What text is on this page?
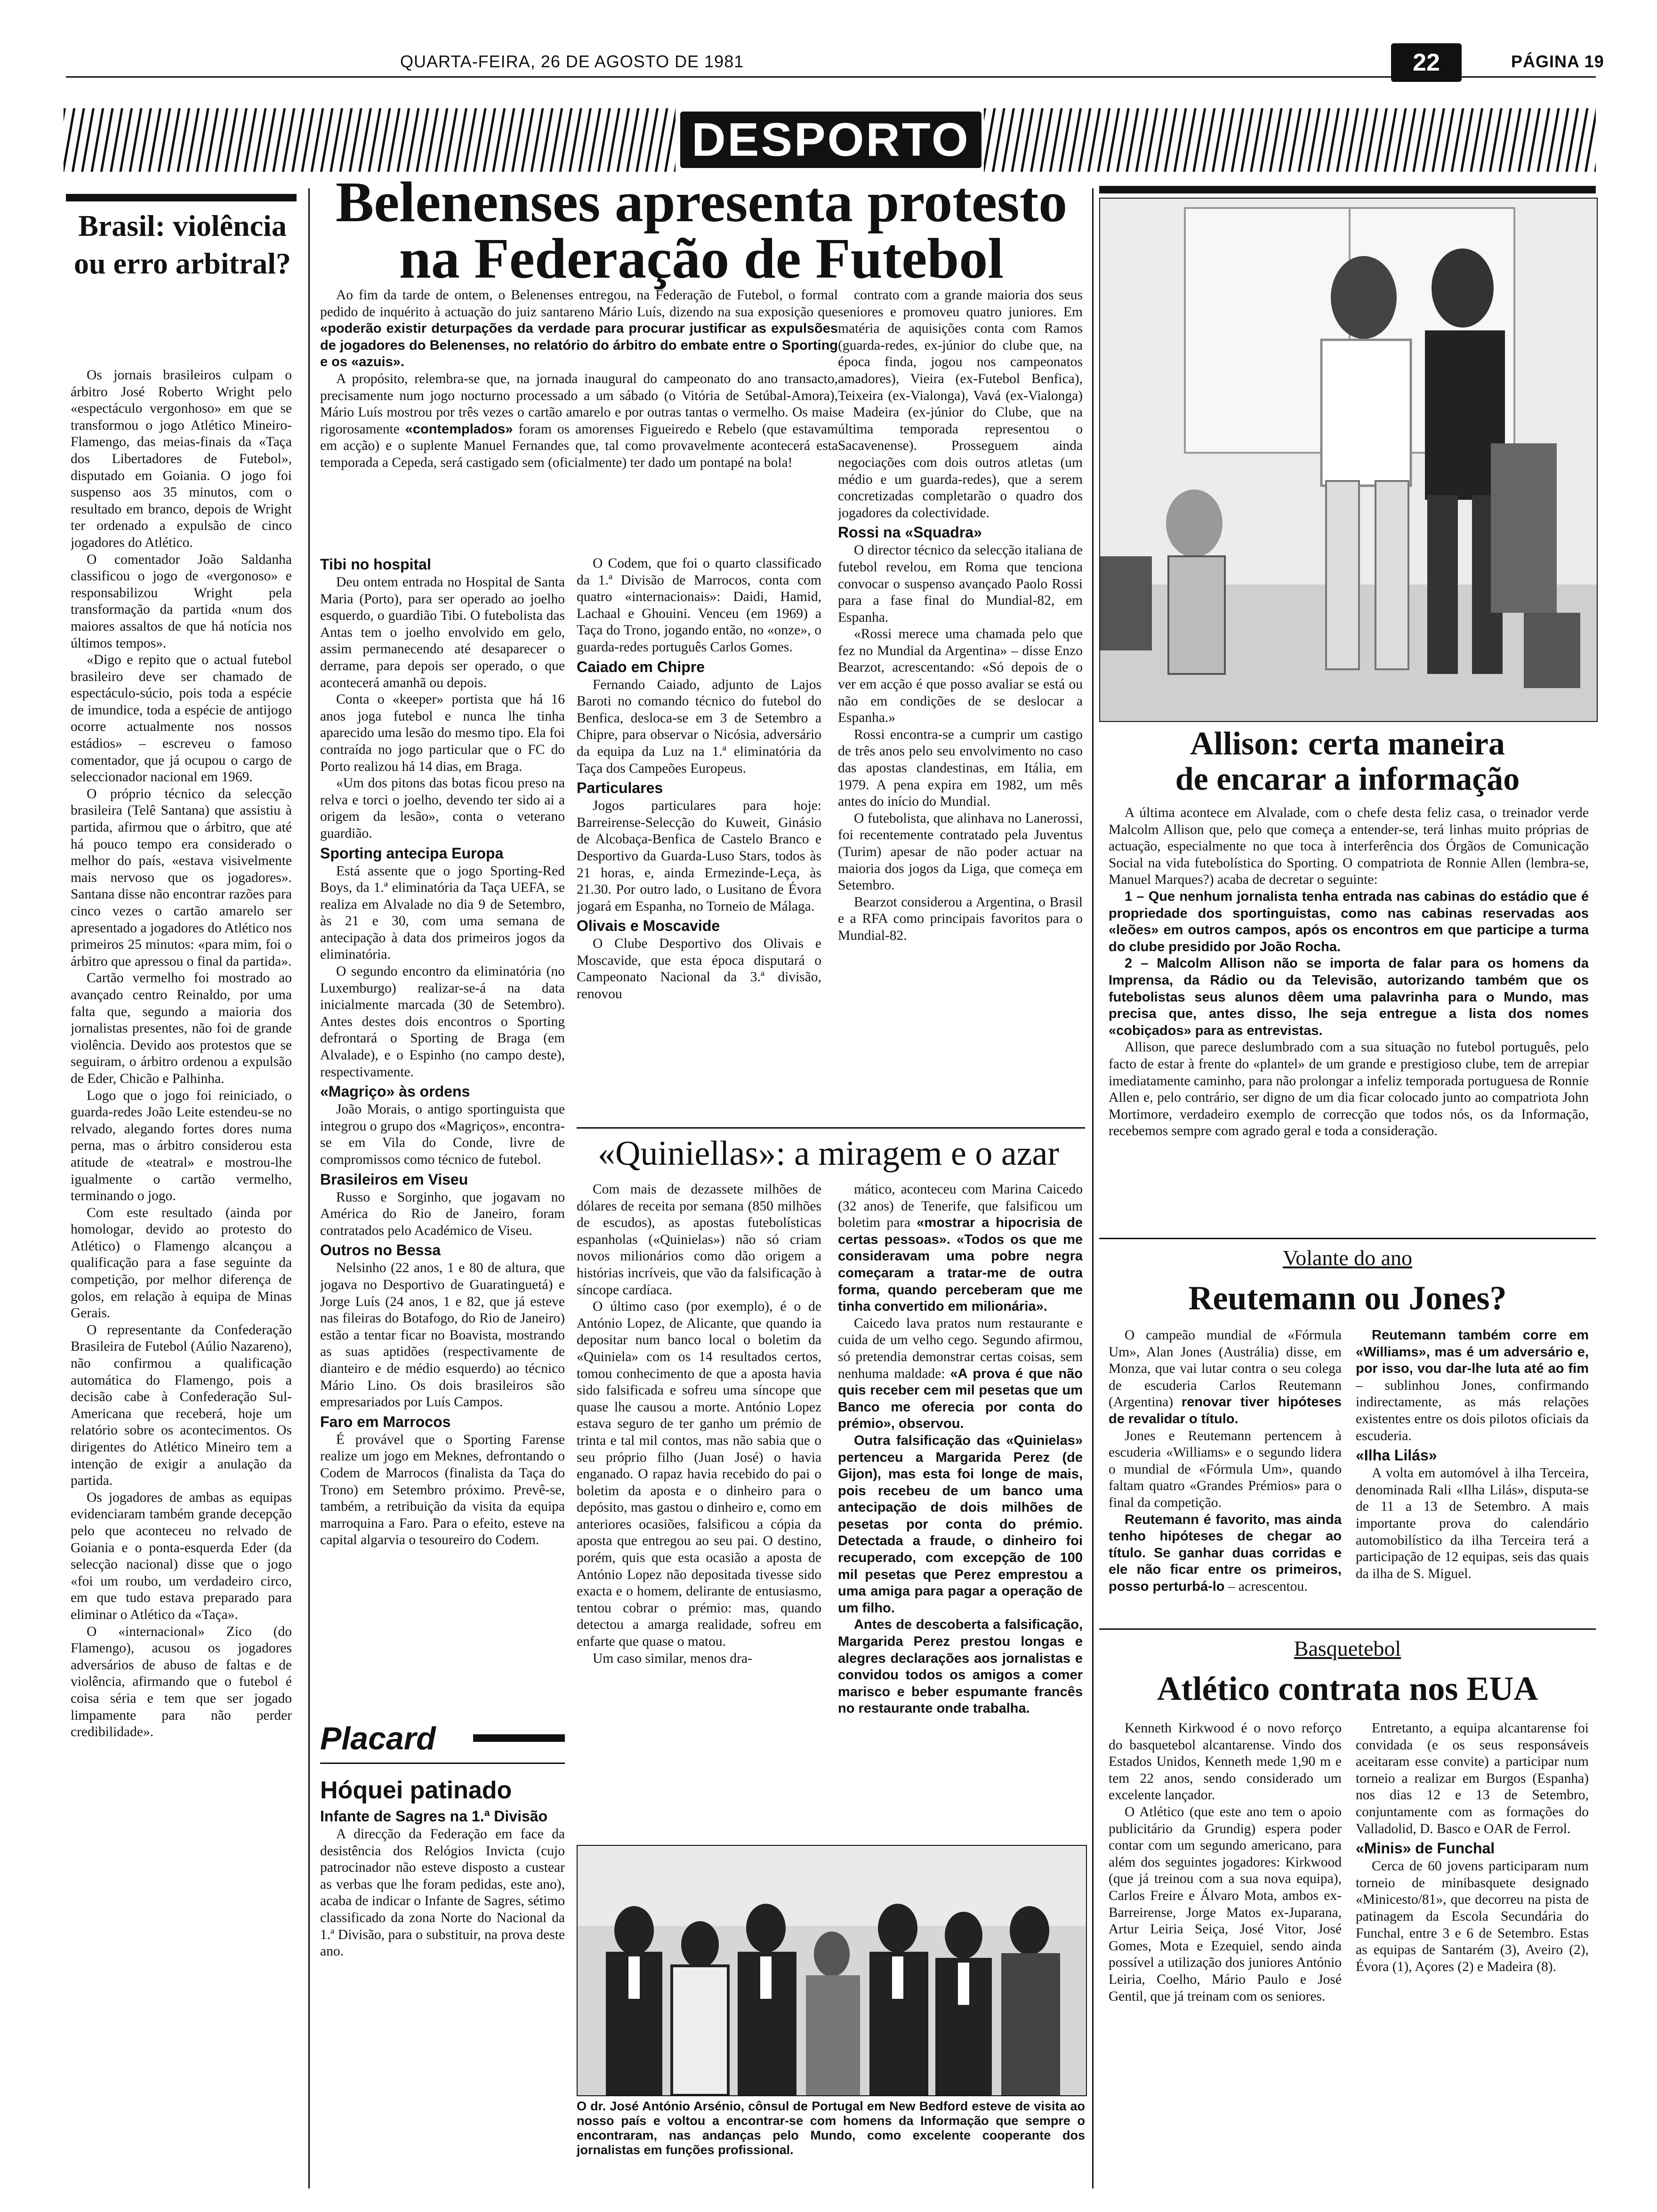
QUARTA-FEIRA, 26 DE AGOSTO DE 1981	22	PÁGINA 19
DESPORTO
Brasil: violência ou erro arbitral?

Os jornais brasileiros culpam o árbitro José Roberto Wright pelo «espectáculo vergonhoso» em que se transformou o jogo Atlético Mineiro-Flamengo, das meias-finais da «Taça dos Libertadores de Futebol», disputado em Goiania. O jogo foi suspenso aos 35 minutos, com o resultado em branco, depois de Wright ter ordenado a expulsão de cinco jogadores do Atlético.

O comentador João Saldanha classificou o jogo de «vergonoso» e responsabilizou Wright pela transformação da partida «num dos maiores assaltos de que há notícia nos últimos tempos».

«Digo e repito que o actual futebol brasileiro deve ser chamado de espectáculo-súcio, pois toda a espécie de imundice, toda a espécie de antijogo ocorre actualmente nos nossos estádios» – escreveu o famoso comentador, que já ocupou o cargo de seleccionador nacional em 1969.

O próprio técnico da selecção brasileira (Telê Santana) que assistiu à partida, afirmou que o árbitro, que até há pouco tempo era considerado o melhor do país, «estava visivelmente mais nervoso que os jogadores». Santana disse não encontrar razões para cinco vezes o cartão amarelo ser apresentado a jogadores do Atlético nos primeiros 25 minutos: «para mim, foi o árbitro que apressou o final da partida».

Cartão vermelho foi mostrado ao avançado centro Reinaldo, por uma falta que, segundo a maioria dos jornalistas presentes, não foi de grande violência. Devido aos protestos que se seguiram, o árbitro ordenou a expulsão de Eder, Chicão e Palhinha.

Logo que o jogo foi reiniciado, o guarda-redes João Leite estendeu-se no relvado, alegando fortes dores numa perna, mas o árbitro considerou esta atitude de «teatral» e mostrou-lhe igualmente o cartão vermelho, terminando o jogo.

Com este resultado (ainda por homologar, devido ao protesto do Atlético) o Flamengo alcançou a qualificação para a fase seguinte da competição, por melhor diferença de golos, em relação à equipa de Minas Gerais.

O representante da Confederação Brasileira de Futebol (Aúlio Nazareno), não confirmou a qualificação automática do Flamengo, pois a decisão cabe à Confederação Sul-Americana que receberá, hoje um relatório sobre os acontecimentos. Os dirigentes do Atlético Mineiro tem a intenção de exigir a anulação da partida.

Os jogadores de ambas as equipas evidenciaram também grande decepção pelo que aconteceu no relvado de Goiania e o ponta-esquerda Eder (da selecção nacional) disse que o jogo «foi um roubo, um verdadeiro circo, em que tudo estava preparado para eliminar o Atlético da «Taça».

O «internacional» Zico (do Flamengo), acusou os jogadores adversários de abuso de faltas e de violência, afirmando que o futebol é coisa séria e tem que ser jogado limpamente para não perder credibilidade».

Belenenses apresenta protesto
na Federação de Futebol

Ao fim da tarde de ontem, o Belenenses entregou, na Federação de Futebol, o formal pedido de inquérito à actuação do juiz santareno Mário Luís, dizendo na sua exposição que «poderão existir deturpações da verdade para procurar justificar as expulsões de jogadores do Belenenses, no relatório do árbitro do embate entre o Sporting e os «azuis».

A propósito, relembra-se que, na jornada inaugural do campeonato do ano transacto, precisamente num jogo nocturno processado a um sábado (o Vitória de Setúbal-Amora), Mário Luís mostrou por três vezes o cartão amarelo e por outras tantas o vermelho. Os mais rigorosamente «contemplados» foram os amorenses Figueiredo e Rebelo (que estavam em acção) e o suplente Manuel Fernandes que, tal como provavelmente acontecerá esta temporada a Cepeda, será castigado sem (oficialmente) ter dado um pontapé na bola!

Tibi no hospital

Deu ontem entrada no Hospital de Santa Maria (Porto), para ser operado ao joelho esquerdo, o guardião Tibi. O futebolista das Antas tem o joelho envolvido em gelo, assim permanecendo até desaparecer o derrame, para depois ser operado, o que acontecerá amanhã ou depois.

Conta o «keeper» portista que há 16 anos joga futebol e nunca lhe tinha aparecido uma lesão do mesmo tipo. Ela foi contraída no jogo particular que o FC do Porto realizou há 14 dias, em Braga.

«Um dos pitons das botas ficou preso na relva e torci o joelho, devendo ter sido ai a origem da lesão», conta o veterano guardião.

Sporting antecipa Europa

Está assente que o jogo Sporting-Red Boys, da 1.ª eliminatória da Taça UEFA, se realiza em Alvalade no dia 9 de Setembro, às 21 e 30, com uma semana de antecipação à data dos primeiros jogos da eliminatória.

O segundo encontro da eliminatória (no Luxemburgo) realizar-se-á na data inicialmente marcada (30 de Setembro). Antes destes dois encontros o Sporting defrontará o Sporting de Braga (em Alvalade), e o Espinho (no campo deste), respectivamente.

«Magriço» às ordens

João Morais, o antigo sportinguista que integrou o grupo dos «Magriços», encontra-se em Vila do Conde, livre de compromissos como técnico de futebol.

Brasileiros em Viseu

Russo e Sorginho, que jogavam no América do Rio de Janeiro, foram contratados pelo Académico de Viseu.

Outros no Bessa

Nelsinho (22 anos, 1 e 80 de altura, que jogava no Desportivo de Guaratinguetá) e Jorge Luís (24 anos, 1 e 82, que já esteve nas fileiras do Botafogo, do Rio de Janeiro) estão a tentar ficar no Boavista, mostrando as suas aptidões (respectivamente de dianteiro e de médio esquerdo) ao técnico Mário Lino. Os dois brasileiros são empresariados por Luís Campos.

Faro em Marrocos

É provável que o Sporting Farense realize um jogo em Meknes, defrontando o Codem de Marrocos (finalista da Taça do Trono) em Setembro próximo. Prevê-se, também, a retribuição da visita da equipa marroquina a Faro. Para o efeito, esteve na capital algarvia o tesoureiro do Codem.

O Codem, que foi o quarto classificado da 1.ª Divisão de Marrocos, conta com quatro «internacionais»: Daidi, Hamid, Lachaal e Ghouini. Venceu (em 1969) a Taça do Trono, jogando então, no «onze», o guarda-redes português Carlos Gomes.

Caiado em Chipre

Fernando Caiado, adjunto de Lajos Baroti no comando técnico do futebol do Benfica, desloca-se em 3 de Setembro a Chipre, para observar o Nicósia, adversário da equipa da Luz na 1.ª eliminatória da Taça dos Campeões Europeus.

Particulares

Jogos particulares para hoje: Barreirense-Selecção do Kuweit, Ginásio de Alcobaça-Benfica de Castelo Branco e Desportivo da Guarda-Luso Stars, todos às 21 horas, e, ainda Ermezinde-Leça, às 21.30. Por outro lado, o Lusitano de Évora jogará em Espanha, no Torneio de Málaga.

Olivais e Moscavide

O Clube Desportivo dos Olivais e Moscavide, que esta época disputará o Campeonato Nacional da 3.ª divisão, renovou

contrato com a grande maioria dos seus seniores e promoveu quatro juniores. Em matéria de aquisições conta com Ramos (guarda-redes, ex-júnior do clube que, na época finda, jogou nos campeonatos amadores), Vieira (ex-Futebol Benfica), Teixeira (ex-Vialonga), Vavá (ex-Vialonga) e Madeira (ex-júnior do Clube, que na última temporada representou o Sacavenense). Prosseguem ainda negociações com dois outros atletas (um médio e um guarda-redes), que a serem concretizadas completarão o quadro dos jogadores da colectividade.

Rossi na «Squadra»

O director técnico da selecção italiana de futebol revelou, em Roma que tenciona convocar o suspenso avançado Paolo Rossi para a fase final do Mundial-82, em Espanha.

«Rossi merece uma chamada pelo que fez no Mundial da Argentina» – disse Enzo Bearzot, acrescentando: «Só depois de o ver em acção é que posso avaliar se está ou não em condições de se deslocar a Espanha.»

Rossi encontra-se a cumprir um castigo de três anos pelo seu envolvimento no caso das apostas clandestinas, em Itália, em 1979. A pena expira em 1982, um mês antes do início do Mundial.

O futebolista, que alinhava no Lanerossi, foi recentemente contratado pela Juventus (Turim) apesar de não poder actuar na maioria dos jogos da Liga, que começa em Setembro.

Bearzot considerou a Argentina, o Brasil e a RFA como principais favoritos para o Mundial-82.

«Quiniellas»: a miragem e o azar

Com mais de dezassete milhões de dólares de receita por semana (850 milhões de escudos), as apostas futebolísticas espanholas («Quinielas») não só criam novos milionários como dão origem a histórias incríveis, que vão da falsificação à síncope cardíaca.

O último caso (por exemplo), é o de António Lopez, de Alicante, que quando ia depositar num banco local o boletim da «Quiniela» com os 14 resultados certos, tomou conhecimento de que a aposta havia sido falsificada e sofreu uma síncope que quase lhe causou a morte. António Lopez estava seguro de ter ganho um prémio de trinta e tal mil contos, mas não sabia que o seu próprio filho (Juan José) o havia enganado. O rapaz havia recebido do pai o boletim da aposta e o dinheiro para o depósito, mas gastou o dinheiro e, como em anteriores ocasiões, falsificou a cópia da aposta que entregou ao seu pai. O destino, porém, quis que esta ocasião a aposta de António Lopez não depositada tivesse sido exacta e o homem, delirante de entusiasmo, tentou cobrar o prémio: mas, quando detectou a amarga realidade, sofreu em enfarte que quase o matou.

Um caso similar, menos dra-

mático, aconteceu com Marina Caicedo (32 anos) de Tenerife, que falsificou um boletim para «mostrar a hipocrisia de certas pessoas». «Todos os que me consideravam uma pobre negra começaram a tratar-me de outra forma, quando perceberam que me tinha convertido em milionária».

Caicedo lava pratos num restaurante e cuida de um velho cego. Segundo afirmou, só pretendia demonstrar certas coisas, sem nenhuma maldade: «A prova é que não quis receber cem mil pesetas que um Banco me oferecia por conta do prémio», observou.

Outra falsificação das «Quinielas» pertenceu a Margarida Perez (de Gijon), mas esta foi longe de mais, pois recebeu de um banco uma antecipação de dois milhões de pesetas por conta do prémio. Detectada a fraude, o dinheiro foi recuperado, com excepção de 100 mil pesetas que Perez emprestou a uma amiga para pagar a operação de um filho.

Antes de descoberta a falsificação, Margarida Perez prestou longas e alegres declarações aos jornalistas e convidou todos os amigos a comer marisco e beber espumante francês no restaurante onde trabalha.

Placard
Hóquei patinado
Infante de Sagres na 1.ª Divisão

A direcção da Federação em face da desistência dos Relógios Invicta (cujo patrocinador não esteve disposto a custear as verbas que lhe foram pedidas, este ano), acaba de indicar o Infante de Sagres, sétimo classificado da zona Norte do Nacional da 1.ª Divisão, para o substituir, na prova deste ano.

O dr. José António Arsénio, cônsul de Portugal em New Bedford esteve de visita ao nosso país e voltou a encontrar-se com homens da Informação que sempre o encontraram, nas andanças pelo Mundo, como excelente cooperante dos jornalistas em funções profissional.
Allison: certa maneira
de encarar a informação

A última acontece em Alvalade, com o chefe desta feliz casa, o treinador verde Malcolm Allison que, pelo que começa a entender-se, terá linhas muito próprias de actuação, especialmente no que toca à interferência dos Órgãos de Comunicação Social na vida futebolística do Sporting. O compatriota de Ronnie Allen (lembra-se, Manuel Marques?) acaba de decretar o seguinte:

1 – Que nenhum jornalista tenha entrada nas cabinas do estádio que é propriedade dos sportinguistas, como nas cabinas reservadas aos «leões» em outros campos, após os encontros em que participe a turma do clube presidido por João Rocha.

2 – Malcolm Allison não se importa de falar para os homens da Imprensa, da Rádio ou da Televisão, autorizando também que os futebolistas seus alunos dêem uma palavrinha para o Mundo, mas precisa que, antes disso, lhe seja entregue a lista dos nomes «cobiçados» para as entrevistas.

Allison, que parece deslumbrado com a sua situação no futebol português, pelo facto de estar à frente do «plantel» de um grande e prestigioso clube, tem de arrepiar imediatamente caminho, para não prolongar a infeliz temporada portuguesa de Ronnie Allen e, pelo contrário, ser digno de um dia ficar colocado junto ao compatriota John Mortimore, verdadeiro exemplo de correcção que todos nós, os da Informação, recebemos sempre com agrado geral e toda a consideração.

Volante do ano
Reutemann ou Jones?

O campeão mundial de «Fórmula Um», Alan Jones (Austrália) disse, em Monza, que vai lutar contra o seu colega de escuderia Carlos Reutemann (Argentina) renovar tiver hipóteses de revalidar o título.

Jones e Reutemann pertencem à escuderia «Williams» e o segundo lidera o mundial de «Fórmula Um», quando faltam quatro «Grandes Prémios» para o final da competição.

Reutemann é favorito, mas ainda tenho hipóteses de chegar ao título. Se ganhar duas corridas e ele não ficar entre os primeiros, posso perturbá-lo – acrescentou.

Reutemann também corre em «Williams», mas é um adversário e, por isso, vou dar-lhe luta até ao fim – sublinhou Jones, confirmando indirectamente, as más relações existentes entre os dois pilotos oficiais da escuderia.

«Ilha Lilás»

A volta em automóvel à ilha Terceira, denominada Rali «Ilha Lilás», disputa-se de 11 a 13 de Setembro. A mais importante prova do calendário automobilístico da ilha Terceira terá a participação de 12 equipas, seis das quais da ilha de S. Miguel.

Basquetebol
Atlético contrata nos EUA

Kenneth Kirkwood é o novo reforço do basquetebol alcantarense. Vindo dos Estados Unidos, Kenneth mede 1,90 m e tem 22 anos, sendo considerado um excelente lançador.

O Atlético (que este ano tem o apoio publicitário da Grundig) espera poder contar com um segundo americano, para além dos seguintes jogadores: Kirkwood (que já treinou com a sua nova equipa), Carlos Freire e Álvaro Mota, ambos ex-Barreirense, Jorge Matos ex-Juparana, Artur Leiria Seiça, José Vitor, José Gomes, Mota e Ezequiel, sendo ainda possível a utilização dos juniores António Leiria, Coelho, Mário Paulo e José Gentil, que já treinam com os seniores.

Entretanto, a equipa alcantarense foi convidada (e os seus responsáveis aceitaram esse convite) a participar num torneio a realizar em Burgos (Espanha) nos dias 12 e 13 de Setembro, conjuntamente com as formações do Valladolid, D. Basco e OAR de Ferrol.

«Minis» de Funchal

Cerca de 60 jovens participaram num torneio de minibasquete designado «Minicesto/81», que decorreu na pista de patinagem da Escola Secundária do Funchal, entre 3 e 6 de Setembro. Estas as equipas de Santarém (3), Aveiro (2), Évora (1), Açores (2) e Madeira (8).
